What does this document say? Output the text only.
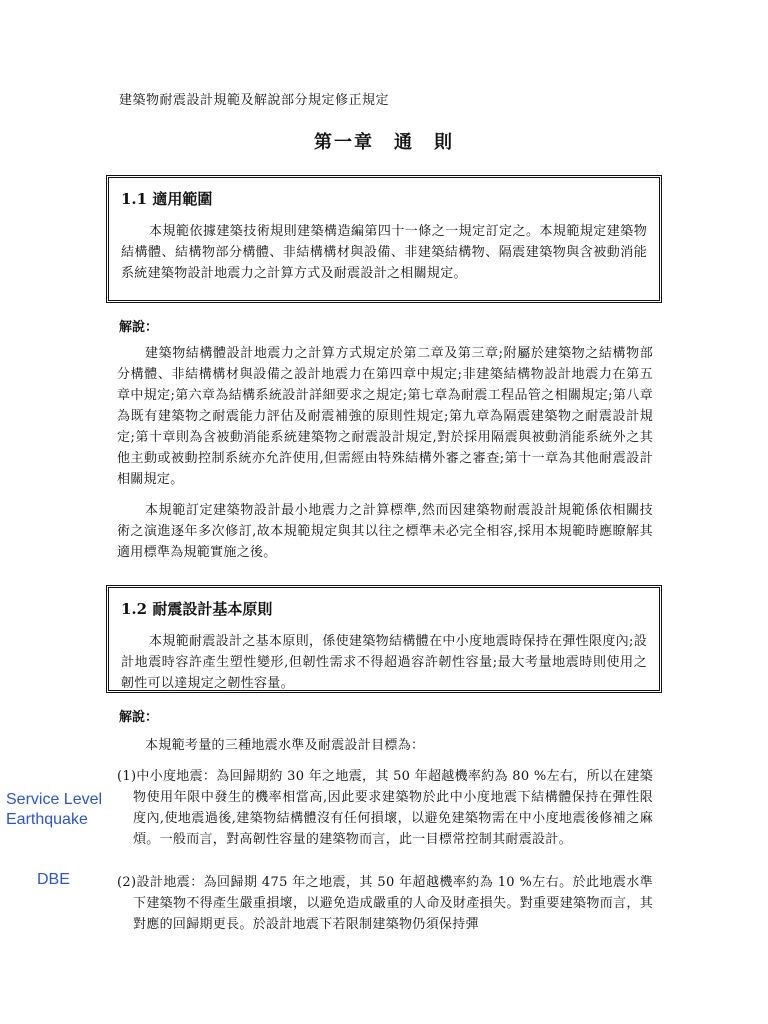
建築物耐震設計規範及解說部分規定修正規定
第一章　通　則
1.1 適用範圍

本規範依據建築技術規則建築構造編第四十一條之一規定訂定之。本規範規定建築物結構體、結構物部分構體、非結構構材與設備、非建築結構物、隔震建築物與含被動消能系統建築物設計地震力之計算方式及耐震設計之相關規定。

解說：

建築物結構體設計地震力之計算方式規定於第二章及第三章;附屬於建築物之結構物部分構體、非結構構材與設備之設計地震力在第四章中規定;非建築結構物設計地震力在第五章中規定;第六章為結構系統設計詳細要求之規定;第七章為耐震工程品管之相關規定;第八章為既有建築物之耐震能力評估及耐震補強的原則性規定;第九章為隔震建築物之耐震設計規定;第十章則為含被動消能系統建築物之耐震設計規定,對於採用隔震與被動消能系統外之其他主動或被動控制系統亦允許使用,但需經由特殊結構外審之審查;第十一章為其他耐震設計相關規定。

本規範訂定建築物設計最小地震力之計算標準,然而因建築物耐震設計規範係依相關技術之演進逐年多次修訂,故本規範規定與其以往之標準未必完全相容,採用本規範時應瞭解其適用標準為規範實施之後。

1.2 耐震設計基本原則

本規範耐震設計之基本原則，係使建築物結構體在中小度地震時保持在彈性限度內;設計地震時容許產生塑性變形,但韌性需求不得超過容許韌性容量;最大考量地震時則使用之韌性可以達規定之韌性容量。

解說：

本規範考量的三種地震水準及耐震設計目標為：

(1)中小度地震：為回歸期約 30 年之地震，其 50 年超越機率約為 80 %左右，所以在建築物使用年限中發生的機率相當高,因此要求建築物於此中小度地震下結構體保持在彈性限度內,使地震過後,建築物結構體沒有任何損壞，以避免建築物需在中小度地震後修補之麻煩。一般而言，對高韌性容量的建築物而言，此一目標常控制其耐震設計。
(2)設計地震：為回歸期 475 年之地震，其 50 年超越機率約為 10 %左右。於此地震水準下建築物不得產生嚴重損壞，以避免造成嚴重的人命及財產損失。對重要建築物而言，其對應的回歸期更長。於設計地震下若限制建築物仍須保持彈
Service Level Earthquake
DBE
